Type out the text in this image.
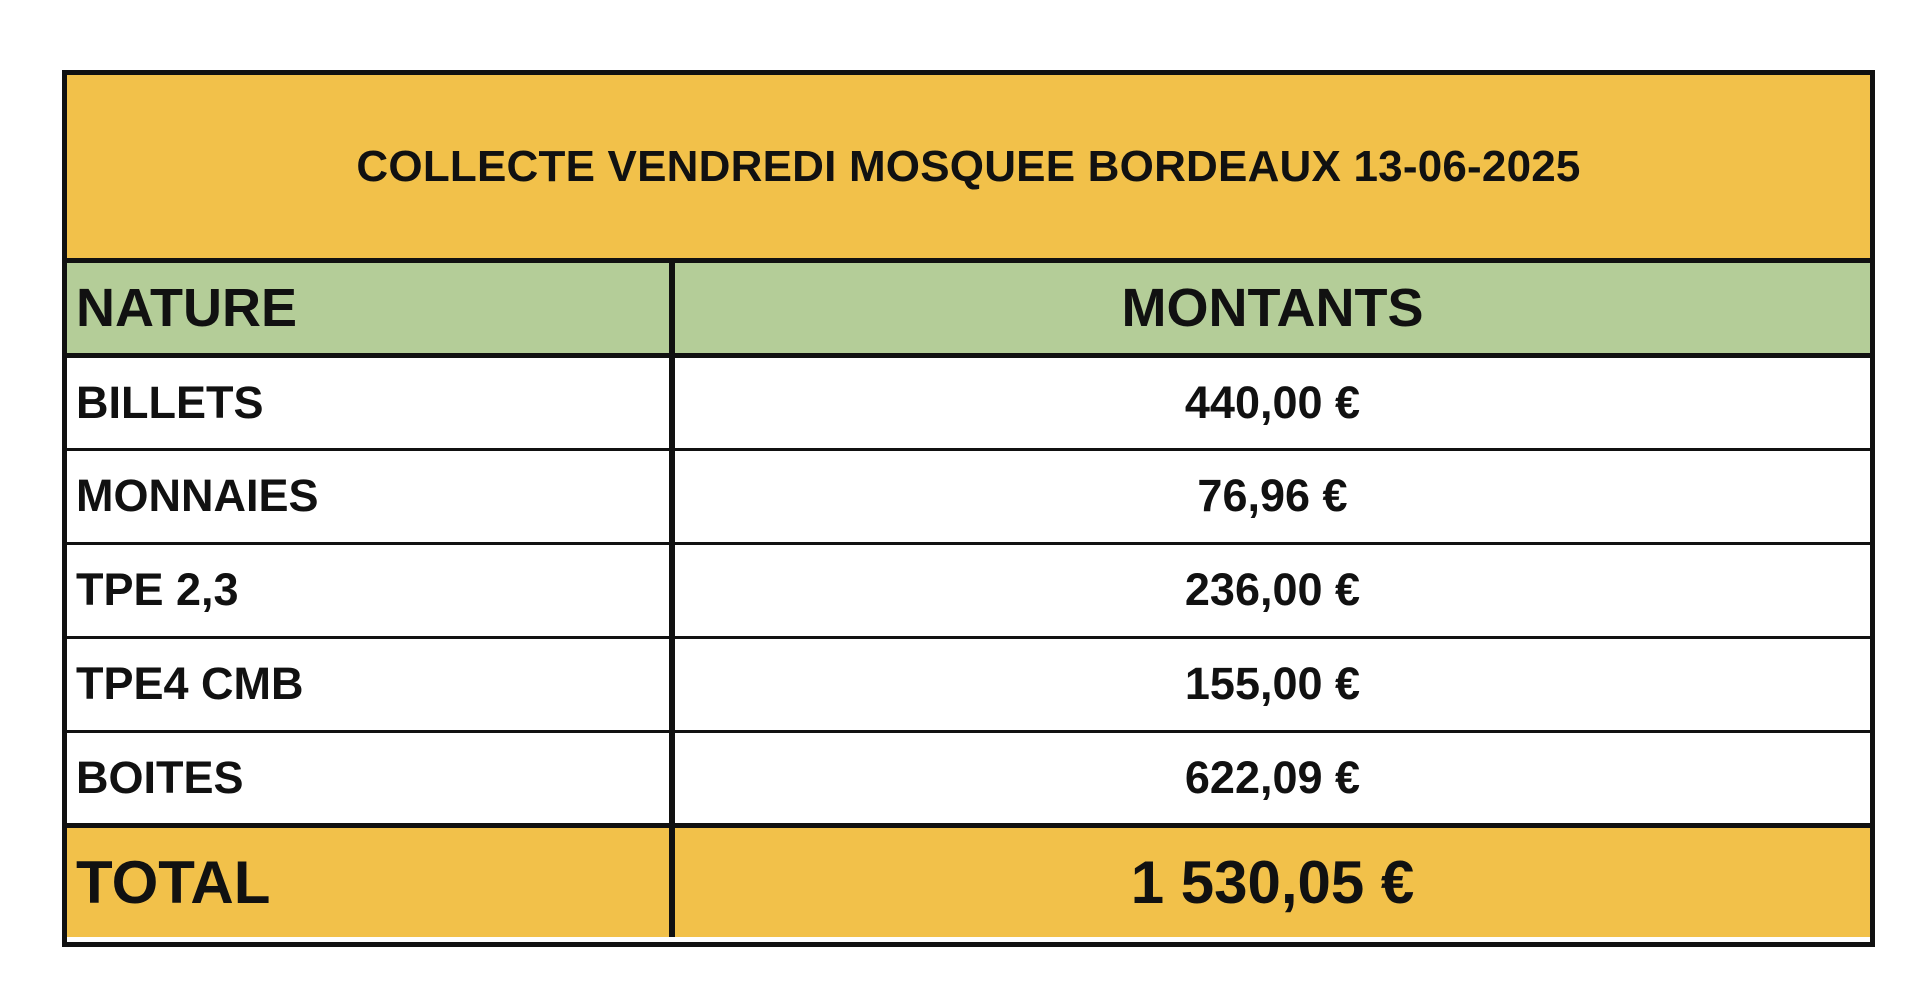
COLLECTE VENDREDI MOSQUEE BORDEAUX 13-06-2025
NATURE	MONTANTS
BILLETS	440,00 €
MONNAIES	76,96 €
TPE 2,3	236,00 €
TPE4 CMB	155,00 €
BOITES	622,09 €
TOTAL	1 530,05 €
